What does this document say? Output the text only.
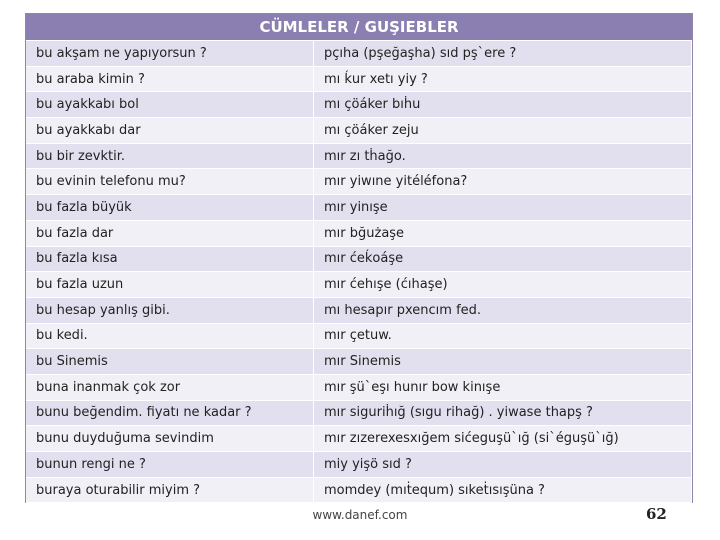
CÜMLELER / GUŞIEBLER
bu akşam ne yapıyorsun ?	pçıha (pşeğaşha) sıd pş`ere ?
bu araba kimin ?	mı ḱur xetı yiy ?
bu ayakkabı bol	mı çöáker bıḣu
bu ayakkabı dar	mı çöáker zeju
bu bir zevktir.	mır zı tḣağo.
bu evinin telefonu mu?	mır yiwıne yitéléfona?
bu fazla büyük	mır yinışe
bu fazla dar	mır bğużaşe
bu fazla kısa	mır ćeḱoáşe
bu fazla uzun	mır ćehışe (ćıhaşe)
bu hesap yanlış gibi.	mı hesapır pxencım fed.
bu kedi.	mır çetuw.
bu Sinemis	mır Sinemis
buna inanmak çok zor	mır şü`eşı hunır bow kinışe
bunu beğendim. fiyatı ne kadar ?	mır siguriḣığ (sıgu rihağ) . yiwase thapş ?
bunu duyduğuma sevindim	mır zızerexesxığem sićeguşü`ığ (si`éguşü`ığ)
bunun rengi ne ?	miy yişö sıd ?
buraya oturabilir miyim ?	momdey (mıṫequm) sıkeṫısışüna ?
www.danef.com	62
